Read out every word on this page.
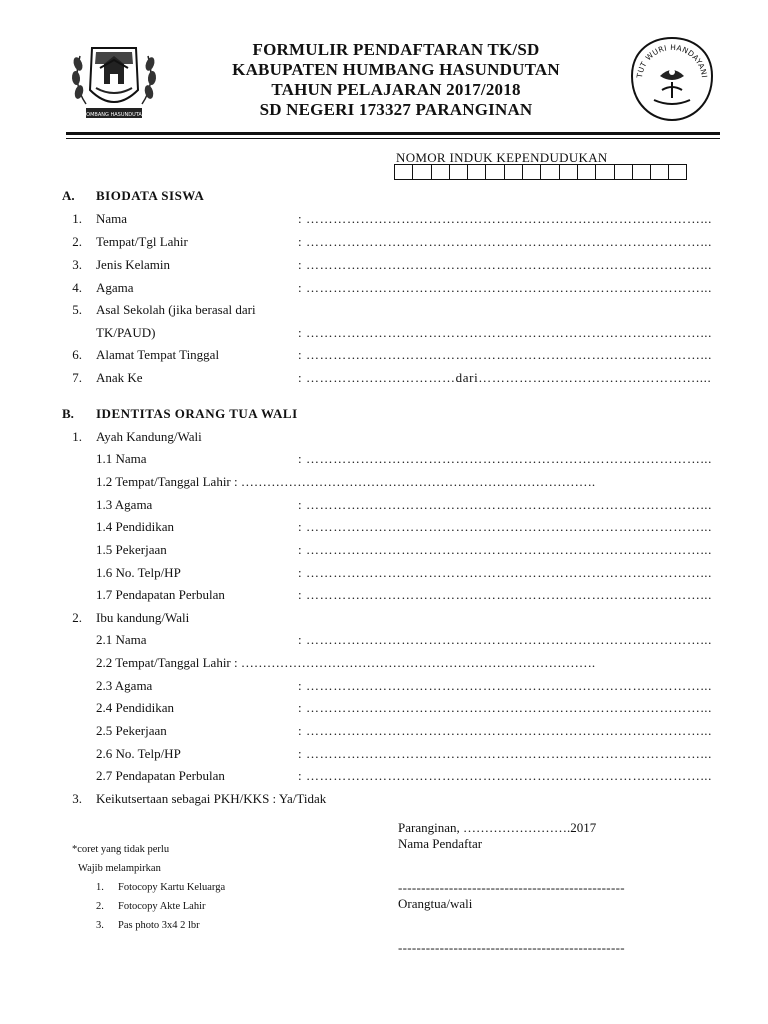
HOMBANG HASUNDUTAN
FORMULIR PENDAFTARAN TK/SD
KABUPATEN HUMBANG HASUNDUTAN
TAHUN PELAJARAN 2017/2018
SD NEGERI 173327 PARANGINAN
TUT WURI HANDAYANI
NOMOR INDUK KEPENDUDUKAN
A. BIODATA SISWA
1. Nama	: ……………………………………………………………………………...
2. Tempat/Tgl Lahir	: ……………………………………………………………………………...
3. Jenis Kelamin	: ……………………………………………………………………………...
4. Agama	: ……………………………………………………………………………...
5. Asal Sekolah (jika berasal dari
TK/PAUD)	: ……………………………………………………………………………...
6. Alamat Tempat Tinggal	: ……………………………………………………………………………...
7. Anak Ke	: ……………………………dari…………………………………………....
B. IDENTITAS ORANG TUA WALI
1. Ayah Kandung/Wali
1.1 Nama	: ……………………………………………………………………………...
1.2 Tempat/Tanggal Lahir : ……………………………………………………………………….
1.3 Agama	: ……………………………………………………………………………...
1.4 Pendidikan	: ……………………………………………………………………………...
1.5 Pekerjaan	: ……………………………………………………………………………...
1.6 No. Telp/HP	: ……………………………………………………………………………...
1.7 Pendapatan Perbulan	: ……………………………………………………………………………...
2. Ibu kandung/Wali
2.1 Nama	: ……………………………………………………………………………...
2.2 Tempat/Tanggal Lahir : ……………………………………………………………………….
2.3 Agama	: ……………………………………………………………………………...
2.4 Pendidikan	: ……………………………………………………………………………...
2.5 Pekerjaan	: ……………………………………………………………………………...
2.6 No. Telp/HP	: ……………………………………………………………………………...
2.7 Pendapatan Perbulan	: ……………………………………………………………………………...
3. Keikutsertaan sebagai PKH/KKS : Ya/Tidak
*coret yang tidak perlu
Wajib melampirkan
1. Fotocopy Kartu Keluarga
2. Fotocopy Akte Lahir
3. Pas photo 3x4 2 lbr
Paranginan, …………………….2017
Nama Pendaftar
-------------------------------------------------
Orangtua/wali
-------------------------------------------------
